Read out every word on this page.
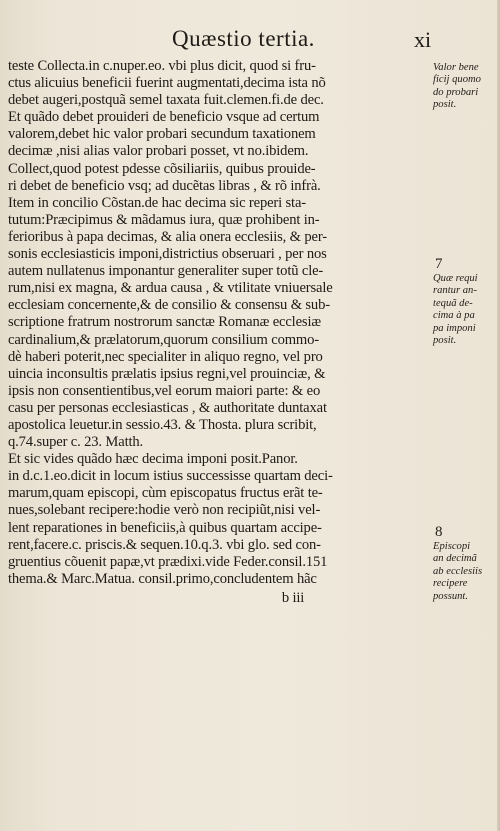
Quæstio tertia.	xi
teste Collecta.in c.nuper.eo. vbi plus dicit, quod si fru-
ctus alicuius beneficii fuerint augmentati,decima ista nõ
debet augeri,postquã semel taxata fuit.clemen.fi.de dec.
Et quãdo debet prouideri de beneficio vsque ad certum
valorem,debet hic valor probari secundum taxationem
decimæ ,nisi alias valor probari posset, vt no.ibidem.
Collect,quod potest pdesse cõsiliariis, quibus prouide-
ri debet de beneficio vsq; ad ducẽtas libras , & rõ infrà.
Item in concilio Cõstan.de hac decima sic reperi sta-
tutum:Præcipimus & mãdamus iura, quæ prohibent in-
ferioribus à papa decimas, & alia onera ecclesiis, & per-
sonis ecclesiasticis imponi,districtius obseruari , per nos
autem nullatenus imponantur generaliter super totũ cle-
rum,nisi ex magna, & ardua causa , & vtilitate vniuersale
ecclesiam concernente,& de consilio & consensu & sub-
scriptione fratrum nostrorum sanctæ Romanæ ecclesiæ
cardinalium,& prælatorum,quorum consilium commo-
dè haberi poterit,nec specialiter in aliquo regno, vel pro
uincia inconsultis prælatis ipsius regni,vel prouinciæ, &
ipsis non consentientibus,vel eorum maiori parte: & eo
casu per personas ecclesiasticas , & authoritate duntaxat
apostolica leuetur.in sessio.43. & Thosta. plura scribit,
q.74.super c. 23. Matth.
Et sic vides quãdo hæc decima imponi posit.Panor.
in d.c.1.eo.dicit in locum istius successisse quartam deci-
marum,quam episcopi, cùm episcopatus fructus erãt te-
nues,solebant recipere:hodie verò non recipiũt,nisi vel-
lent reparationes in beneficiis,à quibus quartam accipe-
rent,facere.c. priscis.& sequen.10.q.3. vbi glo. sed con-
gruentius cõuenit papæ,vt prædixi.vide Feder.consil.151
thema.& Marc.Matua. consil.primo,concludentem hãc
b iii
Valor bene
ficij quomo
do probari
posit.
7
Quæ requi
rantur an-
tequã de-
cima à pa
pa imponi
posit.
8
Episcopi
an decimã
ab ecclesiis
recipere
possunt.
